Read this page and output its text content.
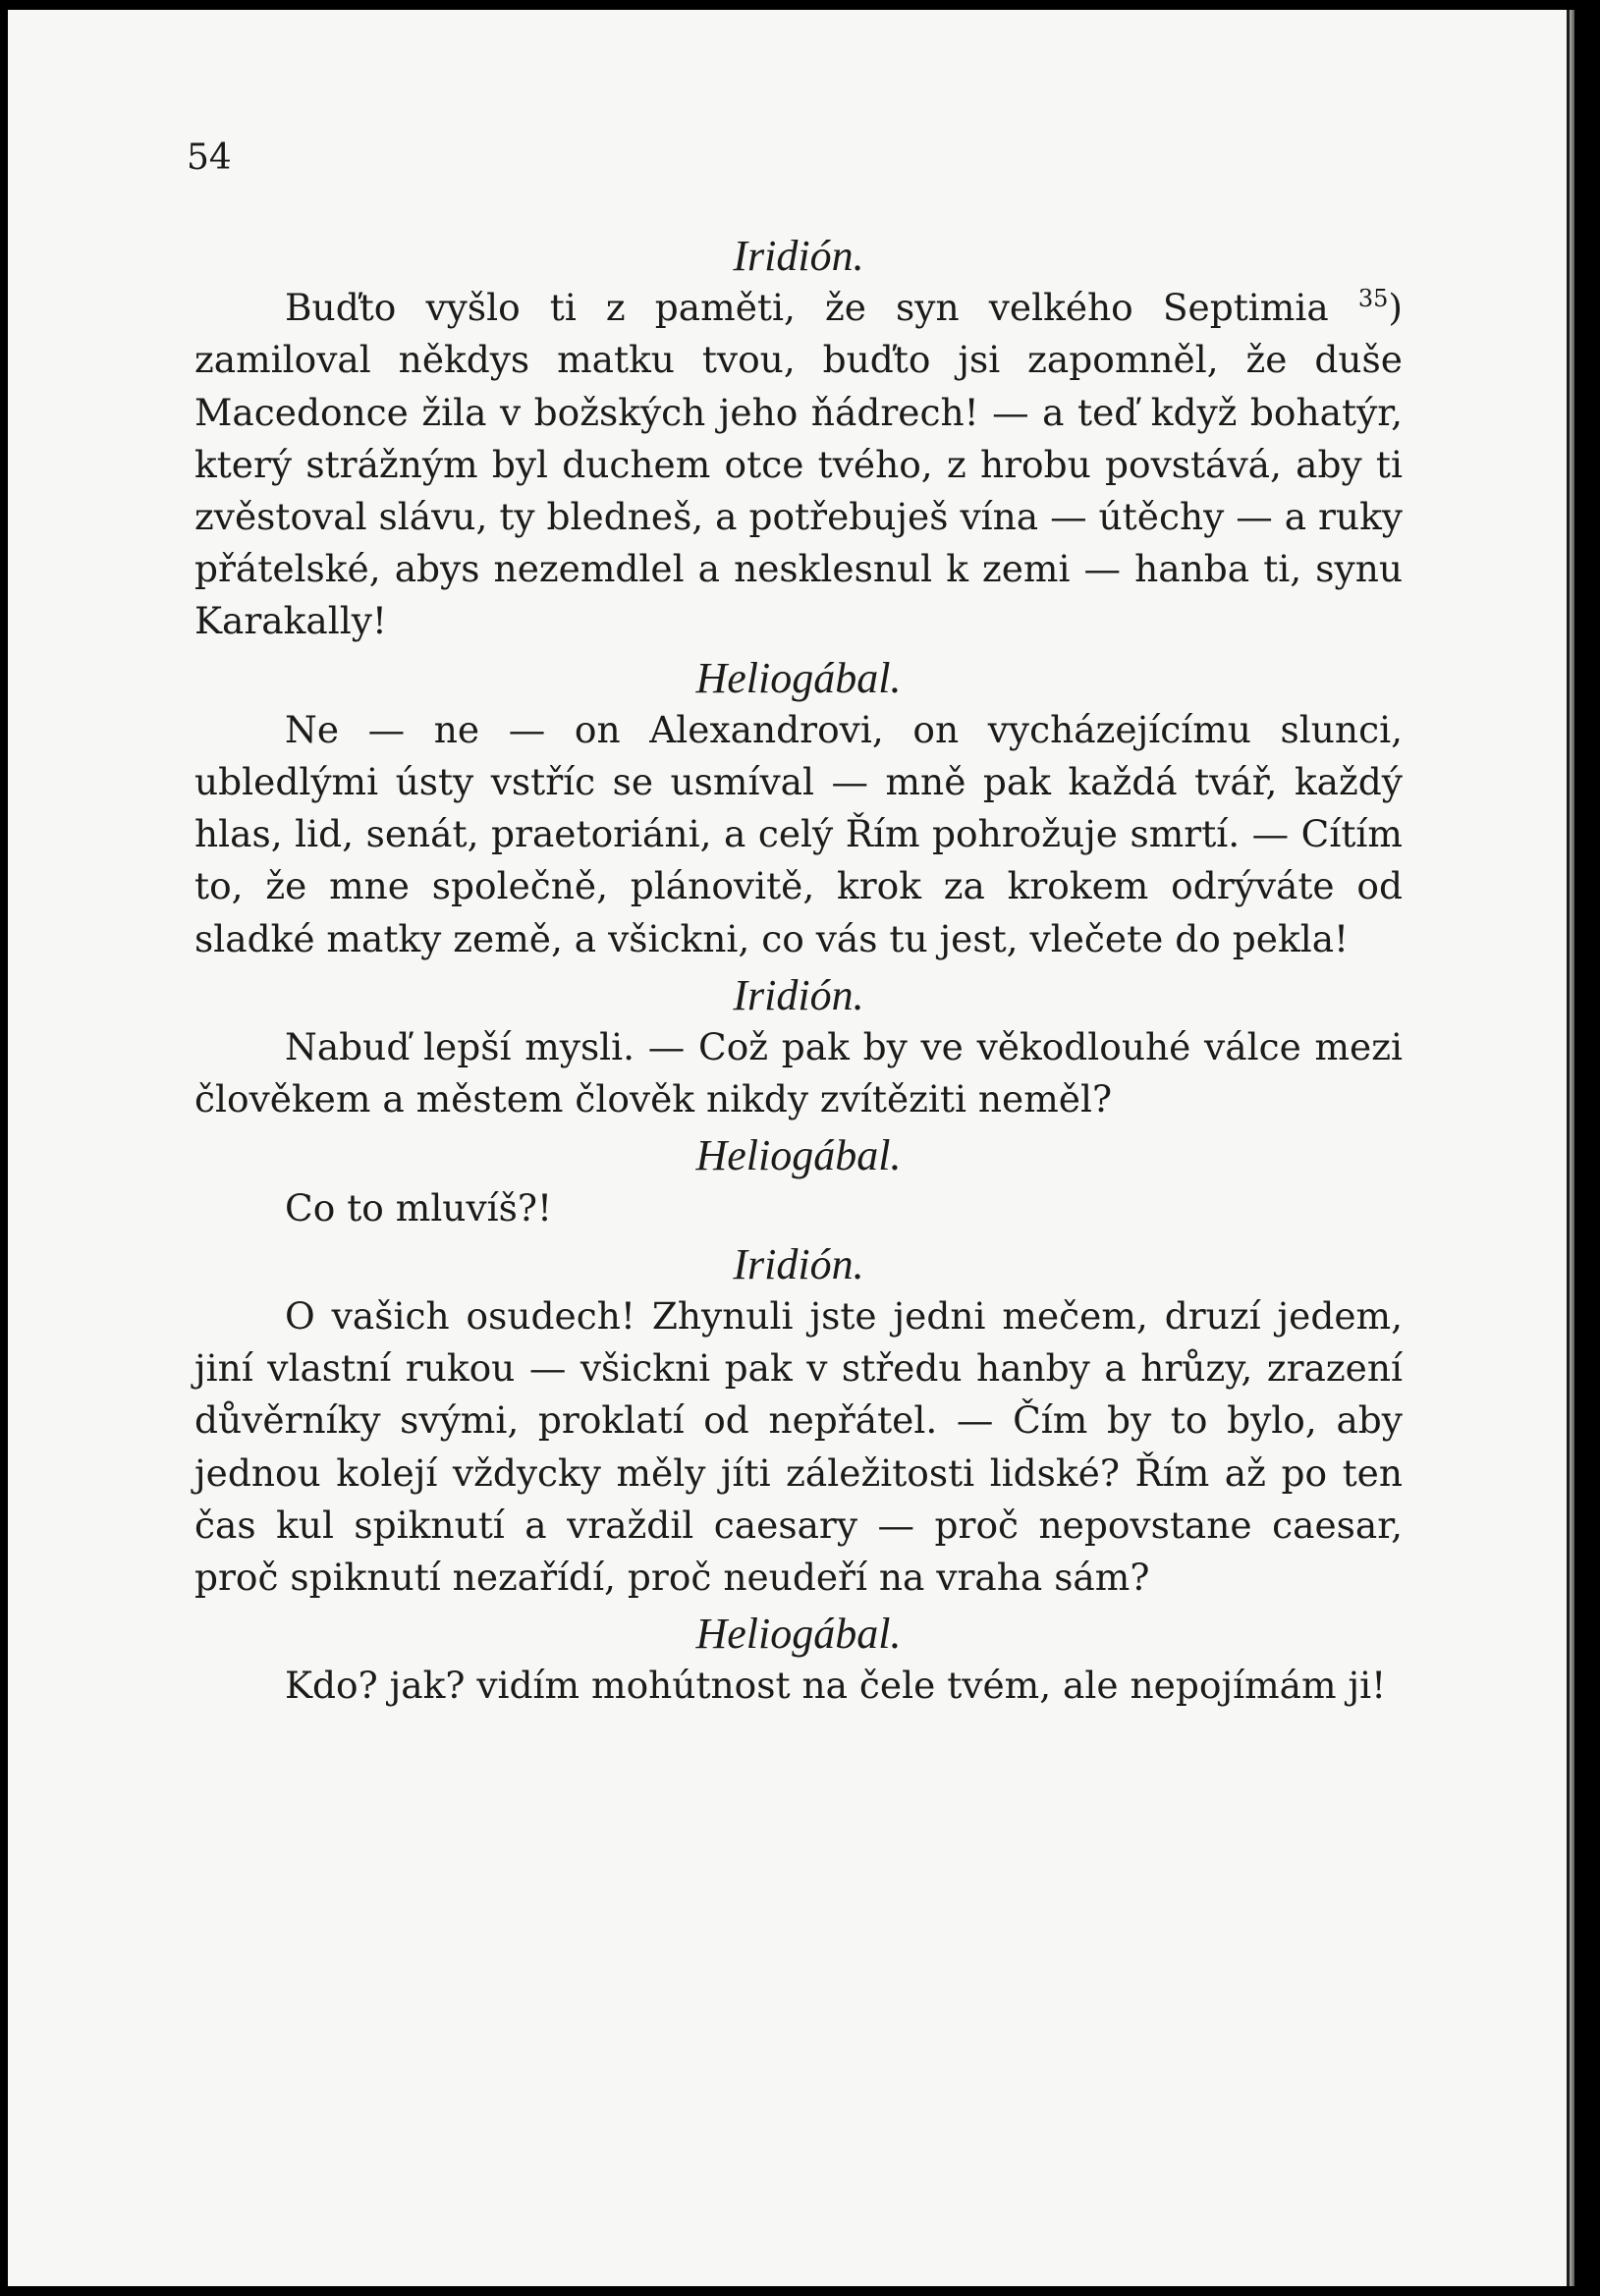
54
Iridión.

Buďto vyšlo ti z paměti, že syn velkého Septimia $^{35}$) zamiloval někdys matku tvou, buďto jsi zapomněl, že duše Macedonce žila v božských jeho ňádrech! — a teď když bohatýr, který strážným byl duchem otce tvého, z hrobu povstává, aby ti zvěstoval slávu, ty bledneš, a potřebuješ vína — útěchy — a ruky přátelské, abys nezemdlel a nesklesnul k zemi — hanba ti, synu Karakally!

Heliogábal.

Ne — ne — on Alexandrovi, on vycházejícímu slunci, ubledlými ústy vstříc se usmíval — mně pak každá tvář, každý hlas, lid, senát, praetoriáni, a celý Řím pohrožuje smrtí. — Cítím to, že mne společně, plánovitě, krok za krokem odrýváte od sladké matky země, a všickni, co vás tu jest, vlečete do pekla!

Iridión.

Nabuď lepší mysli. — Což pak by ve věkodlouhé válce mezi člověkem a městem člověk nikdy zvítěziti neměl?

Heliogábal.

Co to mluvíš?!

Iridión.

O vašich osudech! Zhynuli jste jedni mečem, druzí jedem, jiní vlastní rukou — všickni pak v středu hanby a hrůzy, zrazení důvěrníky svými, proklatí od nepřátel. — Čím by to bylo, aby jednou kolejí vždycky měly jíti záležitosti lidské? Řím až po ten čas kul spiknutí a vraždil caesary — proč nepovstane caesar, proč spiknutí nezařídí, proč neudeří na vraha sám?

Heliogábal.

Kdo? jak? vidím mohútnost na čele tvém, ale nepojímám ji!
